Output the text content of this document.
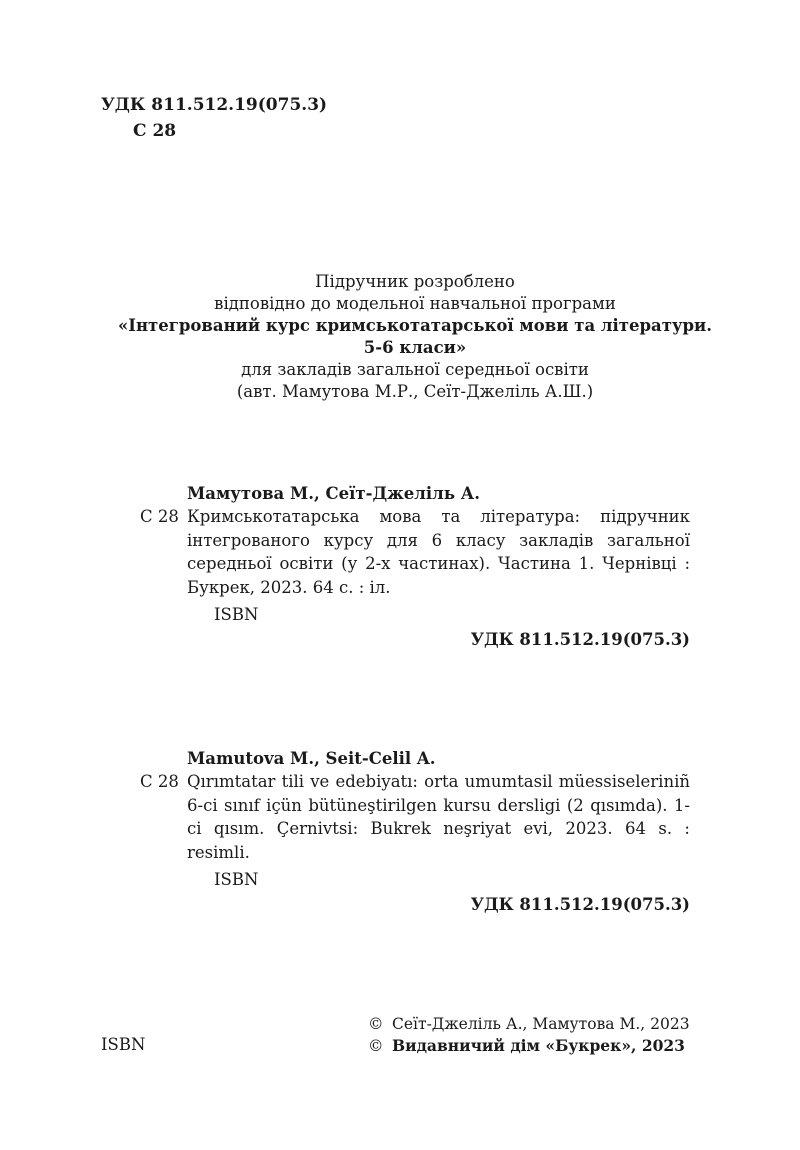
УДК 811.512.19(075.3)
С 28
Підручник розроблено
відповідно до модельної навчальної програми
«Інтегрований курс кримськотатарської мови та літератури.
5-6 класи»
для закладів загальної середньої освіти
(авт. Мамутова М.Р., Сеїт-Джеліль А.Ш.)
Мамутова М., Сеїт-Джеліль А.
С 28 Кримськотатарська мова та література: підручник інтегрованого курсу для 6 класу закладів загальної середньої освіти (у 2-х частинах). Частина 1. Чернівці : Букрек, 2023. 64 с. : іл.
ISBN
УДК 811.512.19(075.3)
Mamutova M., Seit-Celil A.
С 28 Qırımtatar tili ve edebiyatı: orta umumtasil müessiseleriniñ 6-ci sınıf içün bütüneştirilgen kursu dersligi (2 qısımda). 1-ci qısım. Çernivtsi: Bukrek neşriyat evi, 2023. 64 s. : resimli.
ISBN
УДК 811.512.19(075.3)
© Сеїт-Джеліль А., Мамутова М., 2023
© Видавничий дім «Букрек», 2023
ISBN
